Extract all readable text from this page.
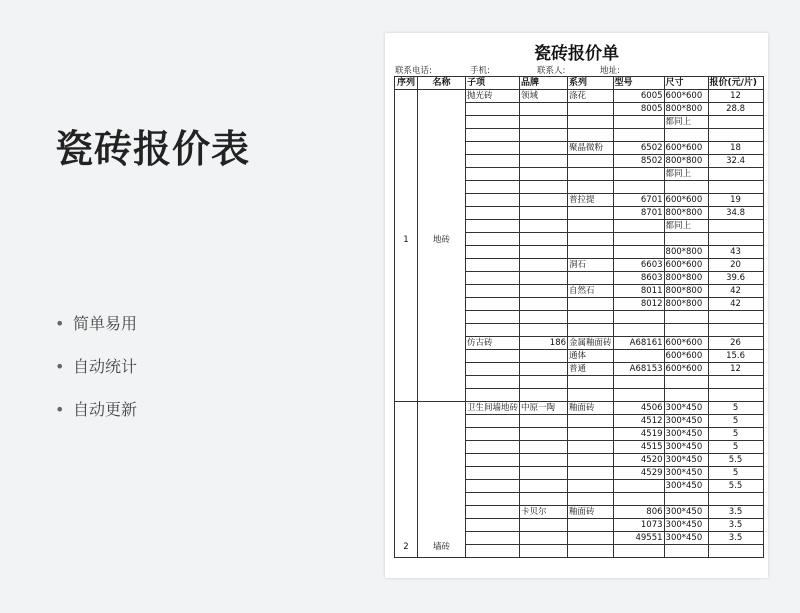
瓷砖报价表
• 简单易用
• 自动统计
• 自动更新
瓷砖报价单
联系电话:	手机:	联系人:	地址:
序列	名称	子项	品牌	系列	型号	尺寸	报价(元/片)
1	地砖	抛光砖	领域	涤花	6005	600*600	12
					8005	800*800	28.8
						都同上	

				聚晶微粉	6502	600*600	18
					8502	800*800	32.4
						都同上	

				普拉提	6701	600*600	19
					8701	800*800	34.8
						都同上	

						800*800	43
				洞石	6603	600*600	20
					8603	800*800	39.6
				自然石	8011	800*800	42
					8012	800*800	42

		仿古砖	186	金属釉面砖	A68161	600*600	26
				通体		600*600	15.6
				普通	A68153	600*600	12

2	墙砖	卫生间墙地砖	中原一陶	釉面砖	4506	300*450	5
					4512	300*450	5
					4519	300*450	5
					4515	300*450	5
					4520	300*450	5.5
					4529	300*450	5
						300*450	5.5

			卡贝尔	釉面砖	806	300*450	3.5
					1073	300*450	3.5
					49551	300*450	3.5
